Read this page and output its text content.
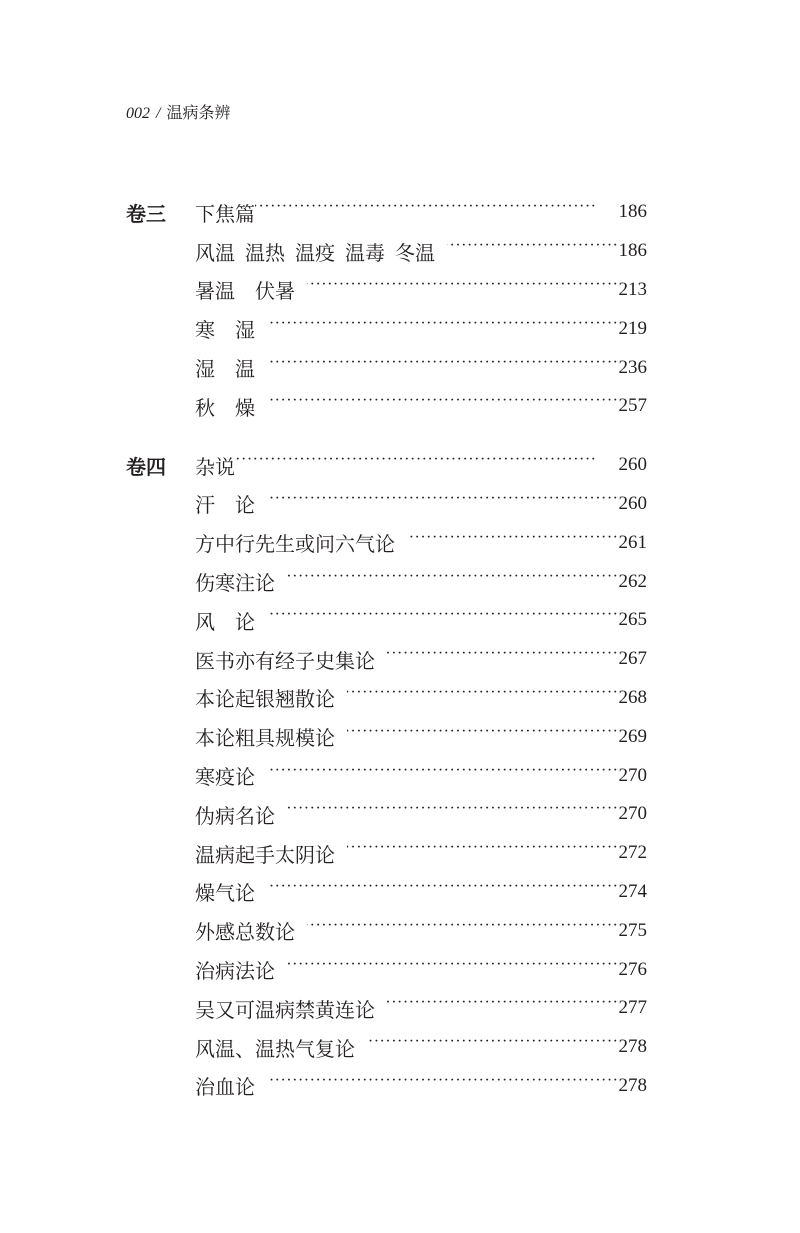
002 / 温病条辨
卷三	下焦篇 ·····	186
风温  温热  温疫  温毒  冬温 ·····	186
暑温    伏暑 ·····	213
寒    湿 ·····	219
湿    温 ·····	236
秋    燥 ·····	257
卷四	杂说 ·····	260
汗    论 ·····	260
方中行先生或问六气论 ·····	261
伤寒注论 ·····	262
风    论 ·····	265
医书亦有经子史集论 ·····	267
本论起银翘散论 ·····	268
本论粗具规模论 ·····	269
寒疫论 ·····	270
伪病名论 ·····	270
温病起手太阴论 ·····	272
燥气论 ·····	274
外感总数论 ·····	275
治病法论 ·····	276
吴又可温病禁黄连论 ·····	277
风温、温热气复论 ·····	278
治血论 ·····	278
